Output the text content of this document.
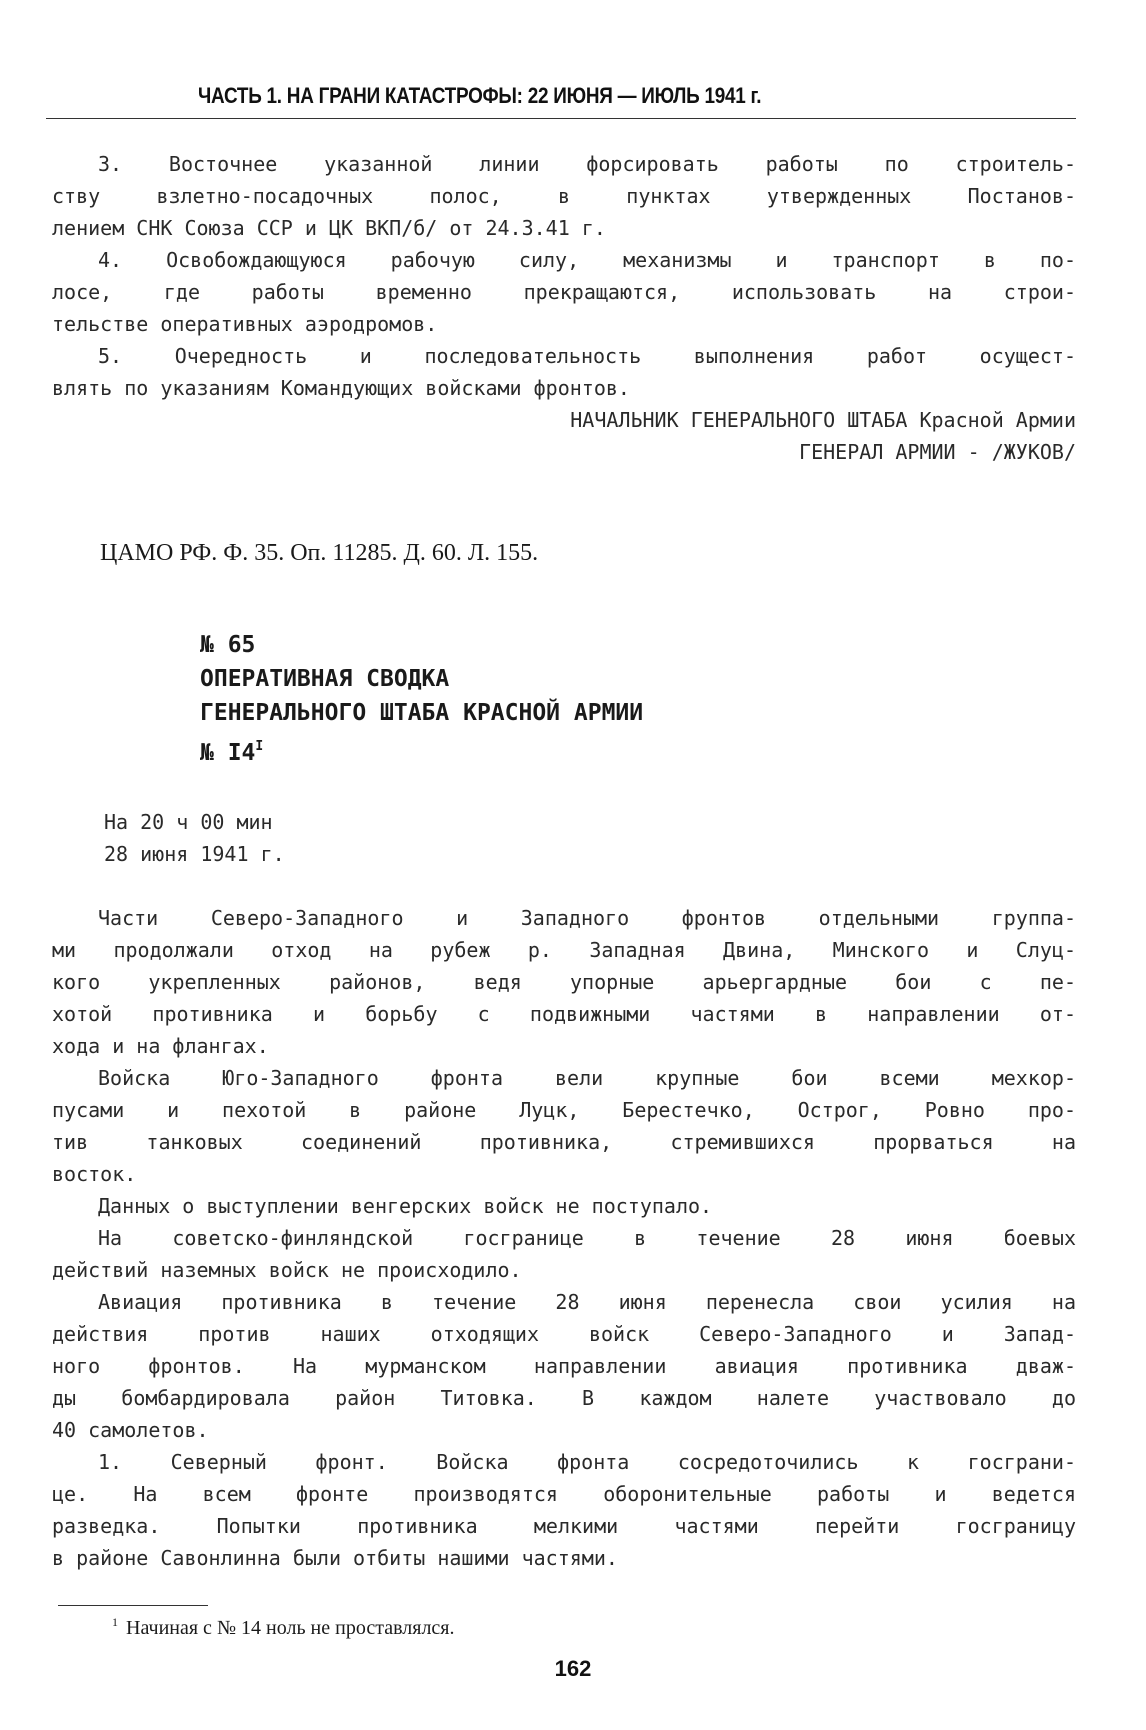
ЧАСТЬ 1. НА ГРАНИ КАТАСТРОФЫ: 22 ИЮНЯ — ИЮЛЬ 1941 г.
3. Восточнее указанной линии форсировать работы по строитель-
ству взлетно-посадочных полос, в пунктах утвержденных Постанов-
лением СНК Союза ССР и ЦК ВКП/б/ от 24.3.41 г.
4. Освобождающуюся рабочую силу, механизмы и транспорт в по-
лосе, где работы временно прекращаются, использовать на строи-
тельстве оперативных аэродромов.
5. Очередность и последовательность выполнения работ осущест-
влять по указаниям Командующих войсками фронтов.
НАЧАЛЬНИК ГЕНЕРАЛЬНОГО ШТАБА Красной Армии
ГЕНЕРАЛ АРМИИ - /ЖУКОВ/
ЦАМО РФ. Ф. 35. Оп. 11285. Д. 60. Л. 155.
№ 65
ОПЕРАТИВНАЯ СВОДКА
ГЕНЕРАЛЬНОГО ШТАБА КРАСНОЙ АРМИИ
№ $I4^I$
На 20 ч 00 мин
28 июня 1941 г.
Части Северо-Западного и Западного фронтов отдельными группа-
ми продолжали отход на рубеж р. Западная Двина, Минского и Слуц-
кого укрепленных районов, ведя упорные арьергардные бои с пе-
хотой противника и борьбу с подвижными частями в направлении от-
хода и на флангах.
Войска Юго-Западного фронта вели крупные бои всеми мехкор-
пусами и пехотой в районе Луцк, Берестечко, Острог, Ровно про-
тив танковых соединений противника, стремившихся прорваться на
восток.
Данных о выступлении венгерских войск не поступало.
На советско-финляндской госгранице в течение 28 июня боевых
действий наземных войск не происходило.
Авиация противника в течение 28 июня перенесла свои усилия на
действия против наших отходящих войск Северо-Западного и Запад-
ного фронтов. На мурманском направлении авиация противника дваж-
ды бомбардировала район Титовка. В каждом налете участвовало до
40 самолетов.
1. Северный фронт. Войска фронта сосредоточились к госграни-
це. На всем фронте производятся оборонительные работы и ведется
разведка. Попытки противника мелкими частями перейти госграницу
в районе Савонлинна были отбиты нашими частями.
$^1$ Начиная с № 14 ноль не проставлялся.
162
